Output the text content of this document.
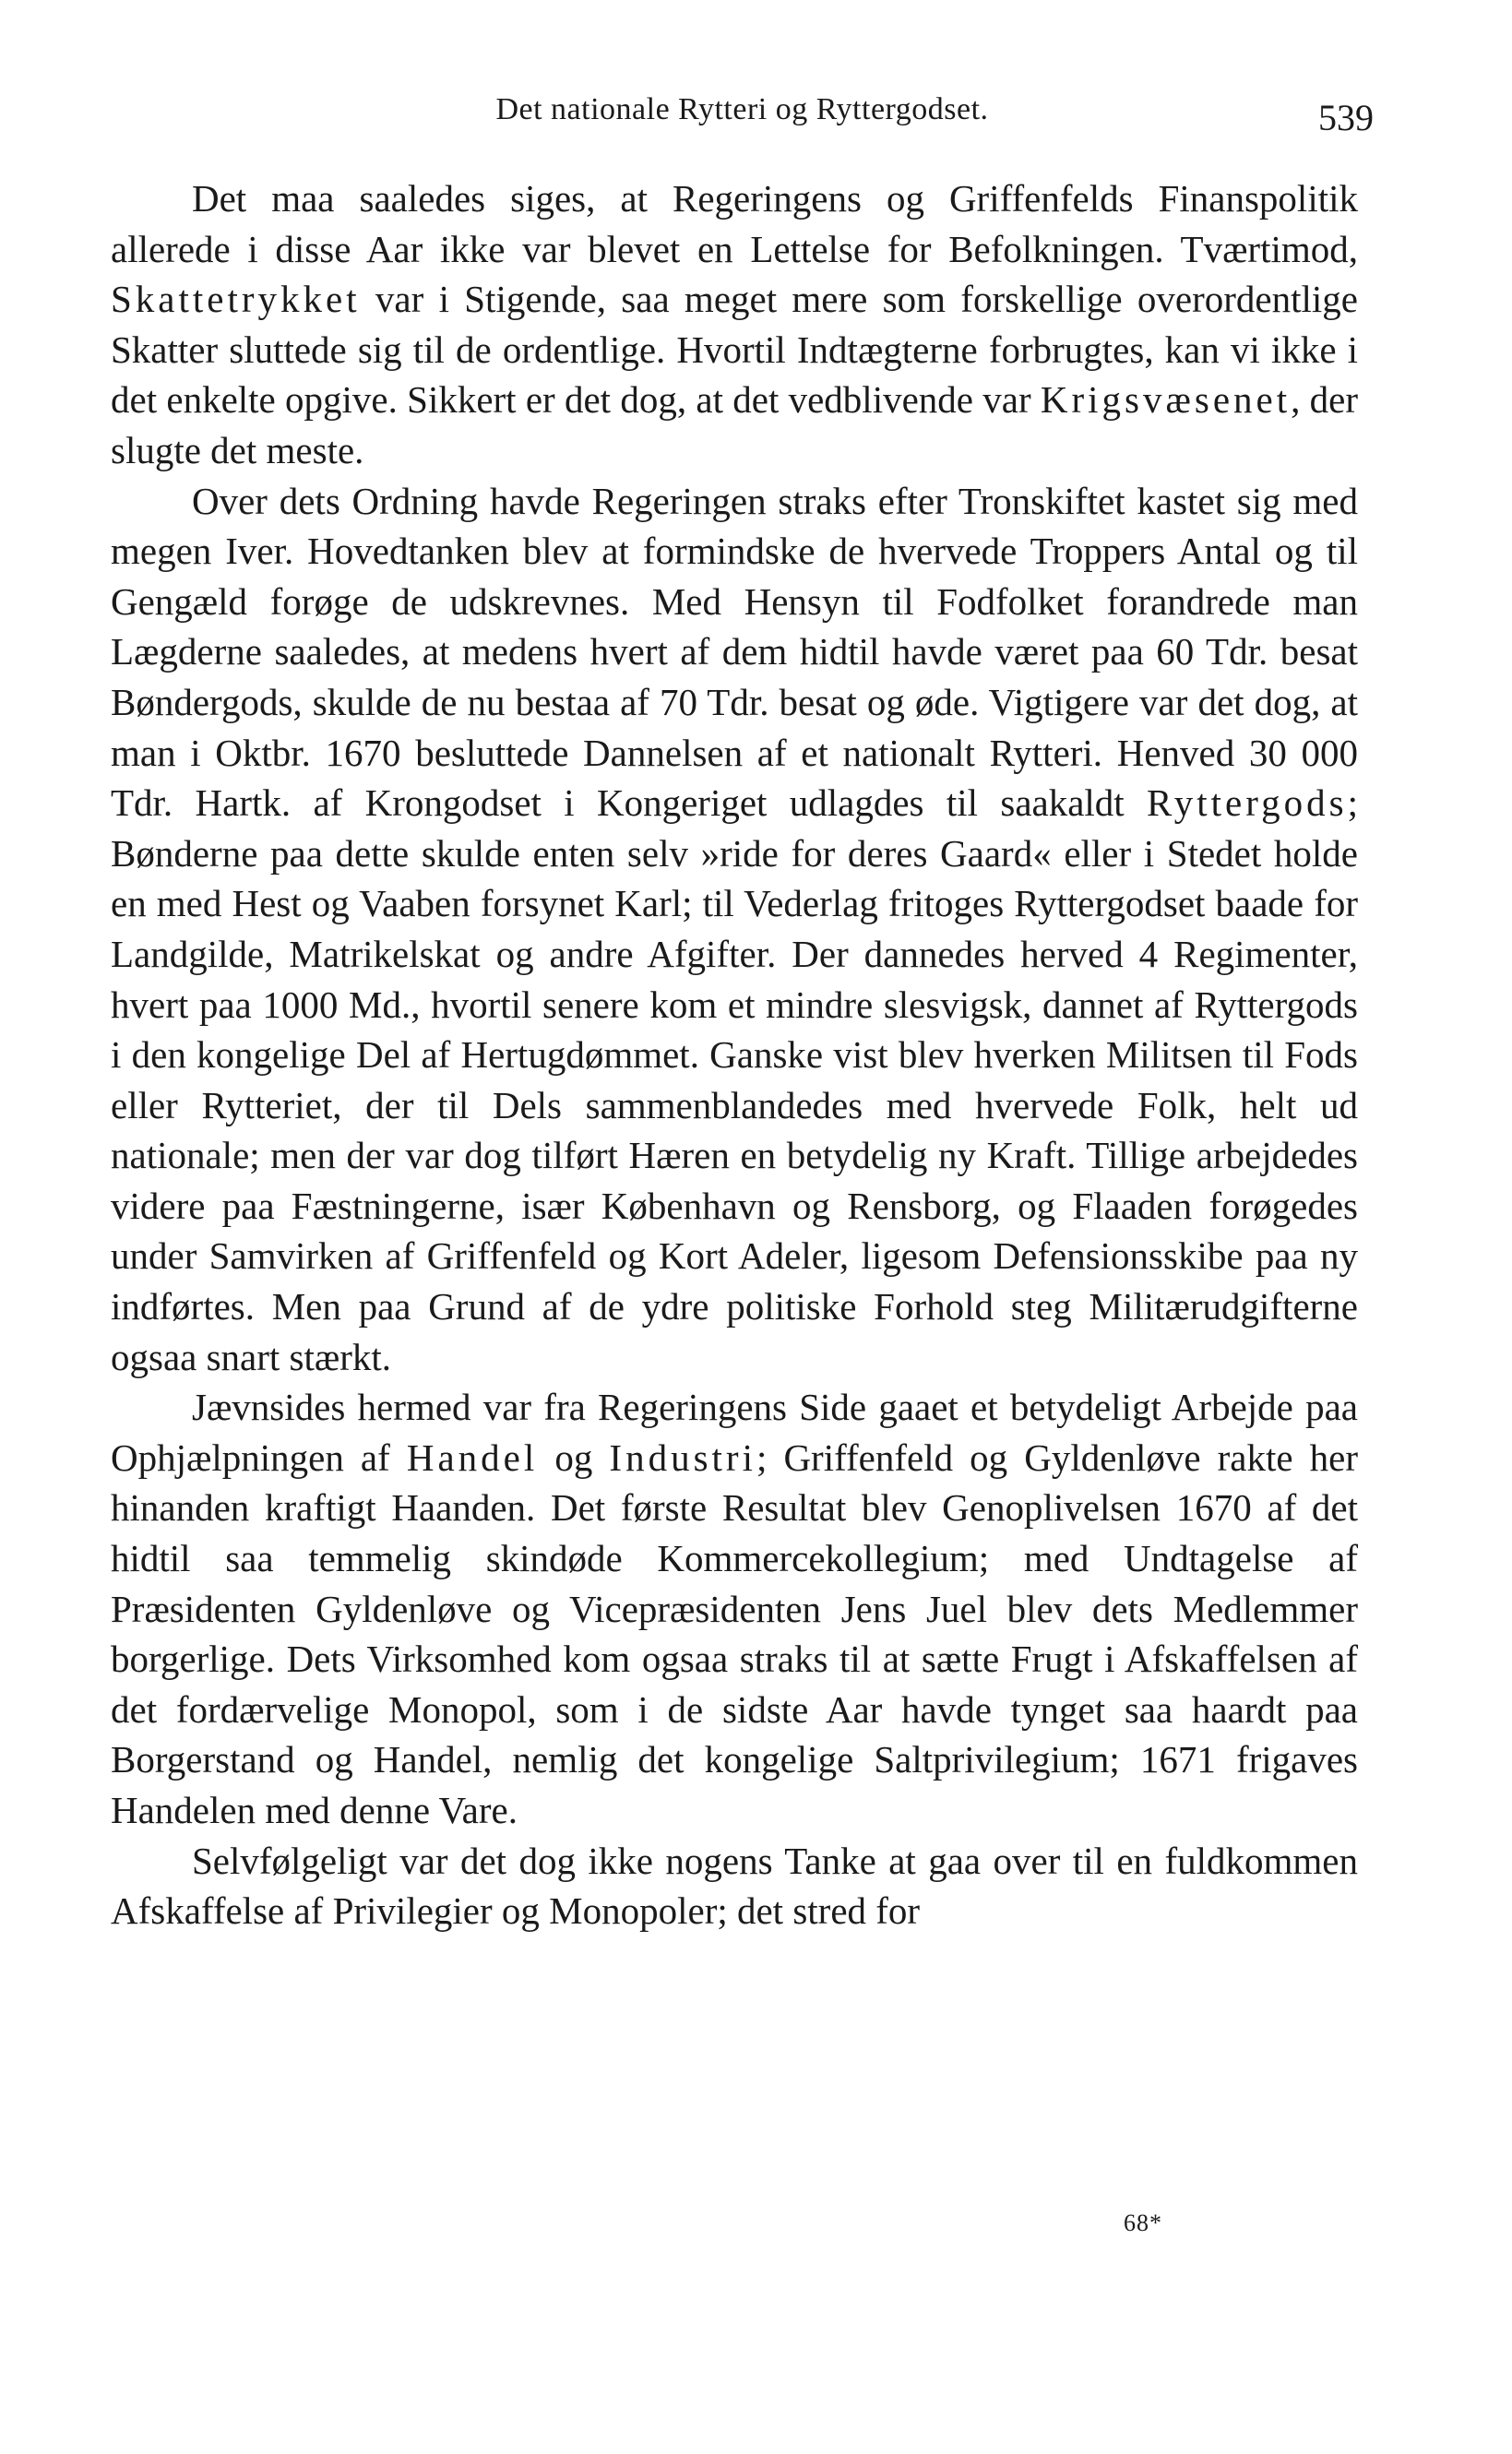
Det nationale Rytteri og Ryttergodset.	539

Det maa saaledes siges, at Regeringens og Griffenfelds Finanspolitik allerede i disse Aar ikke var blevet en Lettelse for Befolkningen. Tværtimod, Skattetrykket var i Stigende, saa meget mere som forskellige overordentlige Skatter sluttede sig til de ordentlige. Hvortil Indtægterne forbrugtes, kan vi ikke i det enkelte opgive. Sikkert er det dog, at det vedblivende var Krigsvæsenet, der slugte det meste.

Over dets Ordning havde Regeringen straks efter Tronskiftet kastet sig med megen Iver. Hovedtanken blev at formindske de hvervede Troppers Antal og til Gengæld forøge de udskrevnes. Med Hensyn til Fodfolket forandrede man Lægderne saaledes, at medens hvert af dem hidtil havde været paa 60 Tdr. besat Bøndergods, skulde de nu bestaa af 70 Tdr. besat og øde. Vigtigere var det dog, at man i Oktbr. 1670 besluttede Dannelsen af et nationalt Rytteri. Henved 30 000 Tdr. Hartk. af Krongodset i Kongeriget udlagdes til saakaldt Ryttergods; Bønderne paa dette skulde enten selv »ride for deres Gaard« eller i Stedet holde en med Hest og Vaaben forsynet Karl; til Vederlag fritoges Ryttergodset baade for Landgilde, Matrikelskat og andre Afgifter. Der dannedes herved 4 Regimenter, hvert paa 1000 Md., hvortil senere kom et mindre slesvigsk, dannet af Ryttergods i den kongelige Del af Hertugdømmet. Ganske vist blev hverken Militsen til Fods eller Rytteriet, der til Dels sammenblandedes med hvervede Folk, helt ud nationale; men der var dog tilført Hæren en betydelig ny Kraft. Tillige arbejdedes videre paa Fæstningerne, især København og Rensborg, og Flaaden forøgedes under Samvirken af Griffenfeld og Kort Adeler, ligesom Defensionsskibe paa ny indførtes. Men paa Grund af de ydre politiske Forhold steg Militærudgifterne ogsaa snart stærkt.

Jævnsides hermed var fra Regeringens Side gaaet et betydeligt Arbejde paa Ophjælpningen af Handel og Industri; Griffenfeld og Gyldenløve rakte her hinanden kraftigt Haanden. Det første Resultat blev Genoplivelsen 1670 af det hidtil saa temmelig skindøde Kommercekollegium; med Undtagelse af Præsidenten Gyldenløve og Vicepræsidenten Jens Juel blev dets Medlemmer borgerlige. Dets Virksomhed kom ogsaa straks til at sætte Frugt i Afskaffelsen af det fordærvelige Monopol, som i de sidste Aar havde tynget saa haardt paa Borgerstand og Handel, nemlig det kongelige Saltprivilegium; 1671 frigaves Handelen med denne Vare.

Selvfølgeligt var det dog ikke nogens Tanke at gaa over til en fuldkommen Afskaffelse af Privilegier og Monopoler; det stred for

68*
